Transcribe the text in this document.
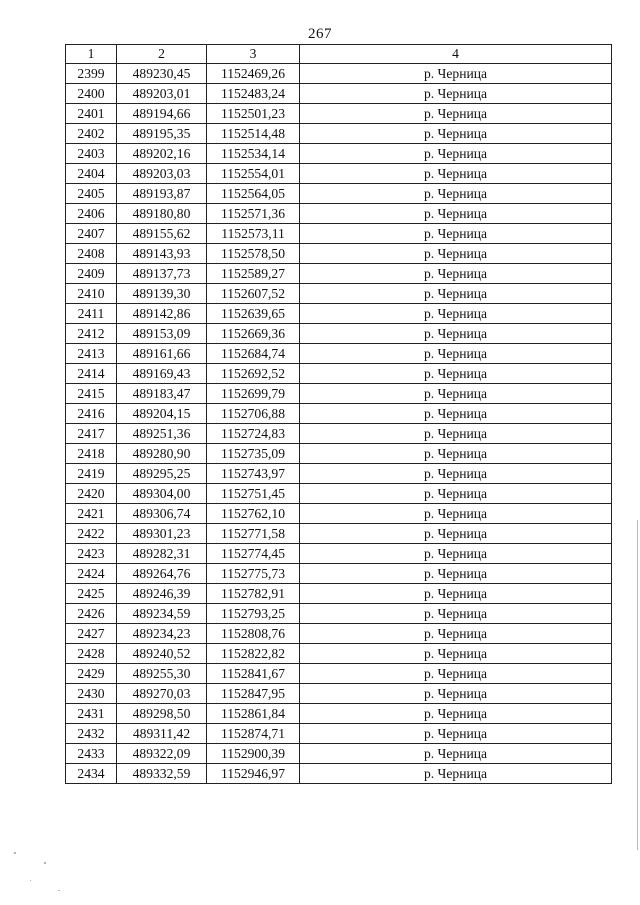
267
1	2	3	4
2399	489230,45	1152469,26	р. Черница
2400	489203,01	1152483,24	р. Черница
2401	489194,66	1152501,23	р. Черница
2402	489195,35	1152514,48	р. Черница
2403	489202,16	1152534,14	р. Черница
2404	489203,03	1152554,01	р. Черница
2405	489193,87	1152564,05	р. Черница
2406	489180,80	1152571,36	р. Черница
2407	489155,62	1152573,11	р. Черница
2408	489143,93	1152578,50	р. Черница
2409	489137,73	1152589,27	р. Черница
2410	489139,30	1152607,52	р. Черница
2411	489142,86	1152639,65	р. Черница
2412	489153,09	1152669,36	р. Черница
2413	489161,66	1152684,74	р. Черница
2414	489169,43	1152692,52	р. Черница
2415	489183,47	1152699,79	р. Черница
2416	489204,15	1152706,88	р. Черница
2417	489251,36	1152724,83	р. Черница
2418	489280,90	1152735,09	р. Черница
2419	489295,25	1152743,97	р. Черница
2420	489304,00	1152751,45	р. Черница
2421	489306,74	1152762,10	р. Черница
2422	489301,23	1152771,58	р. Черница
2423	489282,31	1152774,45	р. Черница
2424	489264,76	1152775,73	р. Черница
2425	489246,39	1152782,91	р. Черница
2426	489234,59	1152793,25	р. Черница
2427	489234,23	1152808,76	р. Черница
2428	489240,52	1152822,82	р. Черница
2429	489255,30	1152841,67	р. Черница
2430	489270,03	1152847,95	р. Черница
2431	489298,50	1152861,84	р. Черница
2432	489311,42	1152874,71	р. Черница
2433	489322,09	1152900,39	р. Черница
2434	489332,59	1152946,97	р. Черница
